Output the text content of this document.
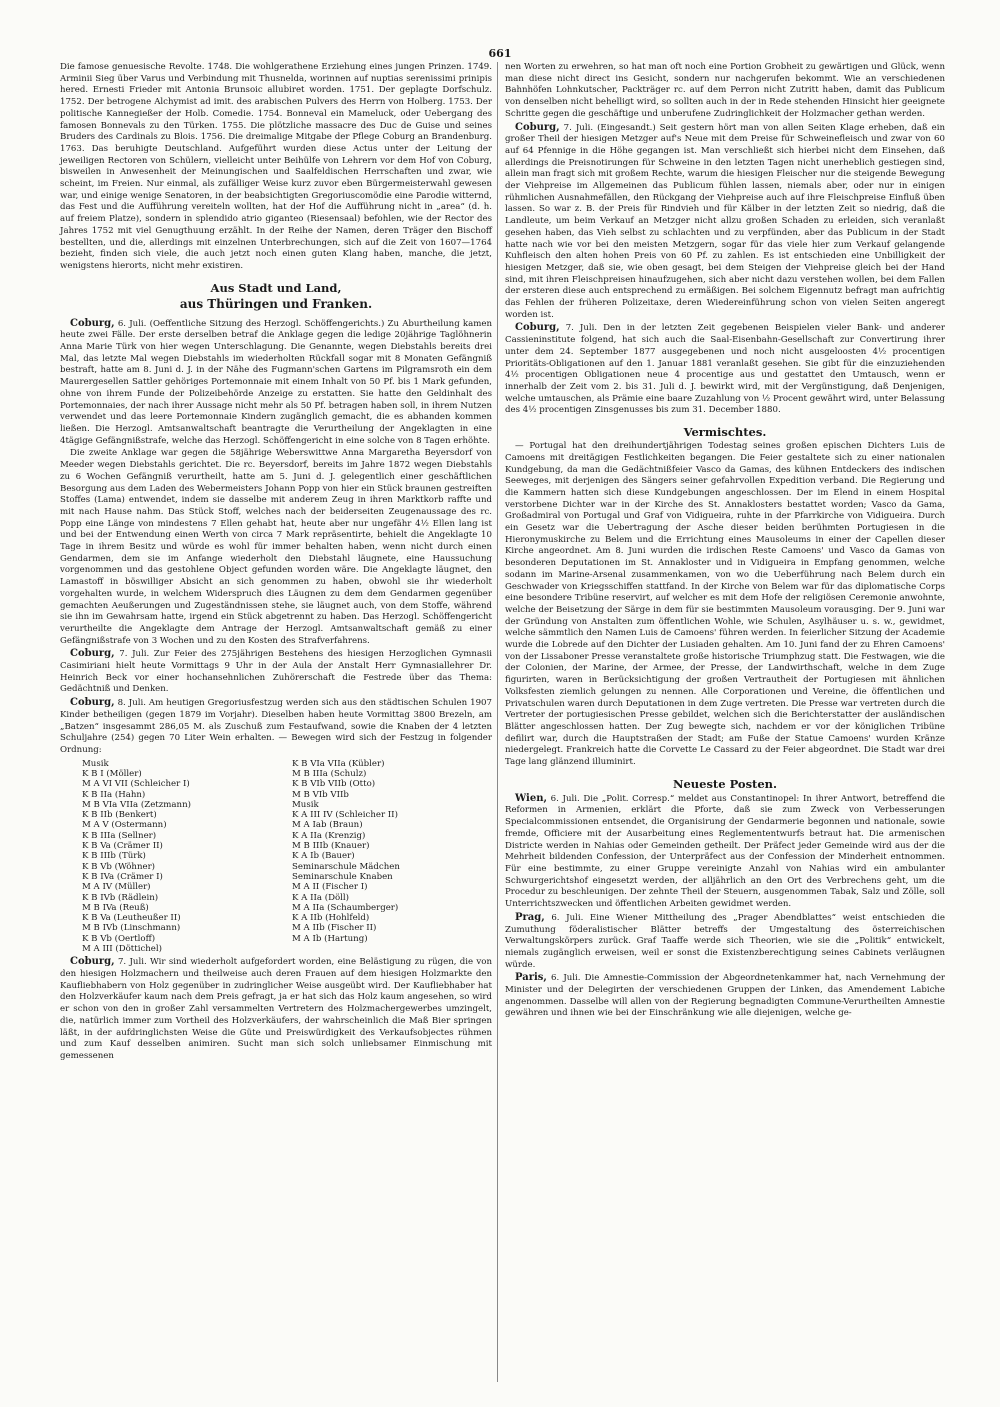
661

Die famose genuesische Revolte. 1748. Die wohlgerathene Erziehung eines jungen Prinzen. 1749. Arminii Sieg über Varus und Verbindung mit Thusnelda, worinnen auf nuptias serenissimi prinipis hered. Ernesti Frieder mit Antonia Brunsoic allubiret worden. 1751. Der geplagte Dorfschulz. 1752. Der betrogene Alchymist ad imit. des arabischen Pulvers des Herrn von Holberg. 1753. Der politische Kannegießer der Holb. Comedie. 1754. Bonneval ein Mameluck, oder Uebergang des famosen Bonnevals zu den Türken. 1755. Die plötzliche massacre des Duc de Guise und seines Bruders des Cardinals zu Blois. 1756. Die dreimalige Mitgabe der Pflege Coburg an Brandenburg. 1763. Das beruhigte Deutschland. Aufgeführt wurden diese Actus unter der Leitung der jeweiligen Rectoren von Schülern, vielleicht unter Beihülfe von Lehrern vor dem Hof von Coburg, bisweilen in Anwesenheit der Meinungischen und Saalfeldischen Herrschaften und zwar, wie scheint, im Freien. Nur einmal, als zufälliger Weise kurz zuvor eben Bürgermeisterwahl gewesen war, und einige wenige Senatoren, in der beabsichtigten Gregoriuscomödie eine Parodie witternd, das Fest und die Aufführung vereiteln wollten, hat der Hof die Aufführung nicht in „area“ (d. h. auf freiem Platze), sondern in splendido atrio giganteo (Riesensaal) befohlen, wie der Rector des Jahres 1752 mit viel Genugthuung erzählt. In der Reihe der Namen, deren Träger den Bischoff bestellten, und die, allerdings mit einzelnen Unterbrechungen, sich auf die Zeit von 1607—1764 bezieht, finden sich viele, die auch jetzt noch einen guten Klang haben, manche, die jetzt, wenigstens hierorts, nicht mehr existiren.

Aus Stadt und Land,
aus Thüringen und Franken.

Coburg, 6. Juli. (Oeffentliche Sitzung des Herzogl. Schöffengerichts.) Zu Aburtheilung kamen heute zwei Fälle. Der erste derselben betraf die Anklage gegen die ledige 20jährige Taglöhnerin Anna Marie Türk von hier wegen Unterschlagung. Die Genannte, wegen Diebstahls bereits drei Mal, das letzte Mal wegen Diebstahls im wiederholten Rückfall sogar mit 8 Monaten Gefängniß bestraft, hatte am 8. Juni d. J. in der Nähe des Fugmann'schen Gartens im Pilgramsroth ein dem Maurergesellen Sattler gehöriges Portemonnaie mit einem Inhalt von 50 Pf. bis 1 Mark gefunden, ohne von ihrem Funde der Polizeibehörde Anzeige zu erstatten. Sie hatte den Geldinhalt des Portemonnaies, der nach ihrer Aussage nicht mehr als 50 Pf. betragen haben soll, in ihrem Nutzen verwendet und das leere Portemonnaie Kindern zugänglich gemacht, die es abhanden kommen ließen. Die Herzogl. Amtsanwaltschaft beantragte die Verurtheilung der Angeklagten in eine 4tägige Gefängnißstrafe, welche das Herzogl. Schöffengericht in eine solche von 8 Tagen erhöhte.

Die zweite Anklage war gegen die 58jährige Weberswittwe Anna Margaretha Beyersdorf von Meeder wegen Diebstahls gerichtet. Die rc. Beyersdorf, bereits im Jahre 1872 wegen Diebstahls zu 6 Wochen Gefängniß verurtheilt, hatte am 5. Juni d. J. gelegentlich einer geschäftlichen Besorgung aus dem Laden des Webermeisters Johann Popp von hier ein Stück braunen gestreiften Stoffes (Lama) entwendet, indem sie dasselbe mit anderem Zeug in ihren Marktkorb raffte und mit nach Hause nahm. Das Stück Stoff, welches nach der beiderseiten Zeugenaussage des rc. Popp eine Länge von mindestens 7 Ellen gehabt hat, heute aber nur ungefähr 4½ Ellen lang ist und bei der Entwendung einen Werth von circa 7 Mark repräsentirte, behielt die Angeklagte 10 Tage in ihrem Besitz und würde es wohl für immer behalten haben, wenn nicht durch einen Gendarmen, dem sie im Anfange wiederholt den Diebstahl läugnete, eine Haussuchung vorgenommen und das gestohlene Object gefunden worden wäre. Die Angeklagte läugnet, den Lamastoff in böswilliger Absicht an sich genommen zu haben, obwohl sie ihr wiederholt vorgehalten wurde, in welchem Widerspruch dies Läugnen zu dem dem Gendarmen gegenüber gemachten Aeußerungen und Zugeständnissen stehe, sie läugnet auch, von dem Stoffe, während sie ihn im Gewahrsam hatte, irgend ein Stück abgetrennt zu haben. Das Herzogl. Schöffengericht verurtheilte die Angeklagte dem Antrage der Herzogl. Amtsanwaltschaft gemäß zu einer Gefängnißstrafe von 3 Wochen und zu den Kosten des Strafverfahrens.

Coburg, 7. Juli. Zur Feier des 275jährigen Bestehens des hiesigen Herzoglichen Gymnasii Casimiriani hielt heute Vormittags 9 Uhr in der Aula der Anstalt Herr Gymnasiallehrer Dr. Heinrich Beck vor einer hochansehnlichen Zuhörerschaft die Festrede über das Thema: Gedächtniß und Denken.

Coburg, 8. Juli. Am heutigen Gregoriusfestzug werden sich aus den städtischen Schulen 1907 Kinder betheiligen (gegen 1879 im Vorjahr). Dieselben haben heute Vormittag 3800 Brezeln, am „Batzen“ insgesammt 286,05 M. als Zuschuß zum Festaufwand, sowie die Knaben der 4 letzten Schuljahre (254) gegen 70 Liter Wein erhalten. — Bewegen wird sich der Festzug in folgender Ordnung:

Musik
K B I (Möller)
M A VI VII (Schleicher I)
K B IIa (Hahn)
M B VIa VIIa (Zetzmann)
K B IIb (Benkert)
M A V (Ostermann)
K B IIIa (Sellner)
K B Va (Crämer II)
K B IIIb (Türk)
K B Vb (Wöhner)
K B IVa (Crämer I)
M A IV (Müller)
K B IVb (Rädlein)
M B IVa (Reuß)
K B Va (Leutheußer II)
M B IVb (Linschmann)
K B Vb (Oertloff)
M A III (Döttichel)
K B VIa VIIa (Kübler)
M B IIIa (Schulz)
K B VIb VIIb (Otto)
M B VIb VIIb
Musik
K A III IV (Schleicher II)
M A Iab (Braun)
K A IIa (Krenzig)
M B IIIb (Knauer)
K A Ib (Bauer)
Seminarschule Mädchen
Seminarschule Knaben
M A II (Fischer I)
K A IIa (Döll)
M A IIa (Schaumberger)
K A IIb (Hohlfeld)
M A IIb (Fischer II)
M A Ib (Hartung)

Coburg, 7. Juli. Wir sind wiederholt aufgefordert worden, eine Belästigung zu rügen, die von den hiesigen Holzmachern und theilweise auch deren Frauen auf dem hiesigen Holzmarkte den Kaufliebhabern von Holz gegenüber in zudringlicher Weise ausgeübt wird. Der Kaufliebhaber hat den Holzverkäufer kaum nach dem Preis gefragt, ja er hat sich das Holz kaum angesehen, so wird er schon von den in großer Zahl versammelten Vertretern des Holzmachergewerbes umzingelt, die, natürlich immer zum Vortheil des Holzverkäufers, der wahrscheinlich die Maß Bier springen läßt, in der aufdringlichsten Weise die Güte und Preiswürdigkeit des Verkaufsobjectes rühmen und zum Kauf desselben animiren. Sucht man sich solch unliebsamer Einmischung mit gemessenen

nen Worten zu erwehren, so hat man oft noch eine Portion Grobheit zu gewärtigen und Glück, wenn man diese nicht direct ins Gesicht, sondern nur nachgerufen bekommt. Wie an verschiedenen Bahnhöfen Lohnkutscher, Packträger rc. auf dem Perron nicht Zutritt haben, damit das Publicum von denselben nicht behelligt wird, so sollten auch in der in Rede stehenden Hinsicht hier geeignete Schritte gegen die geschäftige und unberufene Zudringlichkeit der Holzmacher gethan werden.

Coburg, 7. Juli. (Eingesandt.) Seit gestern hört man von allen Seiten Klage erheben, daß ein großer Theil der hiesigen Metzger auf's Neue mit dem Preise für Schweinefleisch und zwar von 60 auf 64 Pfennige in die Höhe gegangen ist. Man verschließt sich hierbei nicht dem Einsehen, daß allerdings die Preisnotirungen für Schweine in den letzten Tagen nicht unerheblich gestiegen sind, allein man fragt sich mit großem Rechte, warum die hiesigen Fleischer nur die steigende Bewegung der Viehpreise im Allgemeinen das Publicum fühlen lassen, niemals aber, oder nur in einigen rühmlichen Ausnahmefällen, den Rückgang der Viehpreise auch auf ihre Fleischpreise Einfluß üben lassen. So war z. B. der Preis für Rindvieh und für Kälber in der letzten Zeit so niedrig, daß die Landleute, um beim Verkauf an Metzger nicht allzu großen Schaden zu erleiden, sich veranlaßt gesehen haben, das Vieh selbst zu schlachten und zu verpfünden, aber das Publicum in der Stadt hatte nach wie vor bei den meisten Metzgern, sogar für das viele hier zum Verkauf gelangende Kuhfleisch den alten hohen Preis von 60 Pf. zu zahlen. Es ist entschieden eine Unbilligkeit der hiesigen Metzger, daß sie, wie oben gesagt, bei dem Steigen der Viehpreise gleich bei der Hand sind, mit ihren Fleischpreisen hinaufzugehen, sich aber nicht dazu verstehen wollen, bei dem Fallen der ersteren diese auch entsprechend zu ermäßigen. Bei solchem Eigennutz befragt man aufrichtig das Fehlen der früheren Polizeitaxe, deren Wiedereinführung schon von vielen Seiten angeregt worden ist.

Coburg, 7. Juli. Den in der letzten Zeit gegebenen Beispielen vieler Bank- und anderer Cassieninstitute folgend, hat sich auch die Saal-Eisenbahn-Gesellschaft zur Convertirung ihrer unter dem 24. September 1877 ausgegebenen und noch nicht ausgeloosten 4½ procentigen Prioritäts-Obligationen auf den 1. Januar 1881 veranlaßt gesehen. Sie gibt für die einzuziehenden 4½ procentigen Obligationen neue 4 procentige aus und gestattet den Umtausch, wenn er innerhalb der Zeit vom 2. bis 31. Juli d. J. bewirkt wird, mit der Vergünstigung, daß Denjenigen, welche umtauschen, als Prämie eine baare Zuzahlung von ½ Procent gewährt wird, unter Belassung des 4½ procentigen Zinsgenusses bis zum 31. December 1880.

Vermischtes.

— Portugal hat den dreihundertjährigen Todestag seines großen epischen Dichters Luis de Camoens mit dreitägigen Festlichkeiten begangen. Die Feier gestaltete sich zu einer nationalen Kundgebung, da man die Gedächtnißfeier Vasco da Gamas, des kühnen Entdeckers des indischen Seeweges, mit derjenigen des Sängers seiner gefahrvollen Expedition verband. Die Regierung und die Kammern hatten sich diese Kundgebungen angeschlossen. Der im Elend in einem Hospital verstorbene Dichter war in der Kirche des St. Annaklosters bestattet worden; Vasco da Gama, Großadmiral von Portugal und Graf von Vidigueira, ruhte in der Pfarrkirche von Vidigueira. Durch ein Gesetz war die Uebertragung der Asche dieser beiden berühmten Portugiesen in die Hieronymuskirche zu Belem und die Errichtung eines Mausoleums in einer der Capellen dieser Kirche angeordnet. Am 8. Juni wurden die irdischen Reste Camoens' und Vasco da Gamas von besonderen Deputationen im St. Annakloster und in Vidigueira in Empfang genommen, welche sodann im Marine-Arsenal zusammenkamen, von wo die Ueberführung nach Belem durch ein Geschwader von Kriegsschiffen stattfand. In der Kirche von Belem war für das diplomatische Corps eine besondere Tribüne reservirt, auf welcher es mit dem Hofe der religiösen Ceremonie anwohnte, welche der Beisetzung der Särge in dem für sie bestimmten Mausoleum vorausging. Der 9. Juni war der Gründung von Anstalten zum öffentlichen Wohle, wie Schulen, Asylhäuser u. s. w., gewidmet, welche sämmtlich den Namen Luis de Camoens' führen werden. In feierlicher Sitzung der Academie wurde die Lobrede auf den Dichter der Lusiaden gehalten. Am 10. Juni fand der zu Ehren Camoens' von der Lissaboner Presse veranstaltete große historische Triumphzug statt. Die Festwagen, wie die der Colonien, der Marine, der Armee, der Presse, der Landwirthschaft, welche in dem Zuge figurirten, waren in Berücksichtigung der großen Vertrautheit der Portugiesen mit ähnlichen Volksfesten ziemlich gelungen zu nennen. Alle Corporationen und Vereine, die öffentlichen und Privatschulen waren durch Deputationen in dem Zuge vertreten. Die Presse war vertreten durch die Vertreter der portugiesischen Presse gebildet, welchen sich die Berichterstatter der ausländischen Blätter angeschlossen hatten. Der Zug bewegte sich, nachdem er vor der königlichen Tribüne defilirt war, durch die Hauptstraßen der Stadt; am Fuße der Statue Camoens' wurden Kränze niedergelegt. Frankreich hatte die Corvette Le Cassard zu der Feier abgeordnet. Die Stadt war drei Tage lang glänzend illuminirt.

Neueste Posten.

Wien, 6. Juli. Die „Polit. Corresp.“ meldet aus Constantinopel: In ihrer Antwort, betreffend die Reformen in Armenien, erklärt die Pforte, daß sie zum Zweck von Verbesserungen Specialcommissionen entsendet, die Organisirung der Gendarmerie begonnen und nationale, sowie fremde, Officiere mit der Ausarbeitung eines Reglemententwurfs betraut hat. Die armenischen Districte werden in Nahias oder Gemeinden getheilt. Der Präfect jeder Gemeinde wird aus der die Mehrheit bildenden Confession, der Unterpräfect aus der Confession der Minderheit entnommen. Für eine bestimmte, zu einer Gruppe vereinigte Anzahl von Nahias wird ein ambulanter Schwurgerichtshof eingesetzt werden, der alljährlich an den Ort des Verbrechens geht, um die Procedur zu beschleunigen. Der zehnte Theil der Steuern, ausgenommen Tabak, Salz und Zölle, soll Unterrichtszwecken und öffentlichen Arbeiten gewidmet werden.

Prag, 6. Juli. Eine Wiener Mittheilung des „Prager Abendblattes“ weist entschieden die Zumuthung föderalistischer Blätter betreffs der Umgestaltung des österreichischen Verwaltungskörpers zurück. Graf Taaffe werde sich Theorien, wie sie die „Politik“ entwickelt, niemals zugänglich erweisen, weil er sonst die Existenzberechtigung seines Cabinets verläugnen würde.

Paris, 6. Juli. Die Amnestie-Commission der Abgeordnetenkammer hat, nach Vernehmung der Minister und der Delegirten der verschiedenen Gruppen der Linken, das Amendement Labiche angenommen. Dasselbe will allen von der Regierung begnadigten Commune-Verurtheilten Amnestie gewähren und ihnen wie bei der Einschränkung wie alle diejenigen, welche ge-
